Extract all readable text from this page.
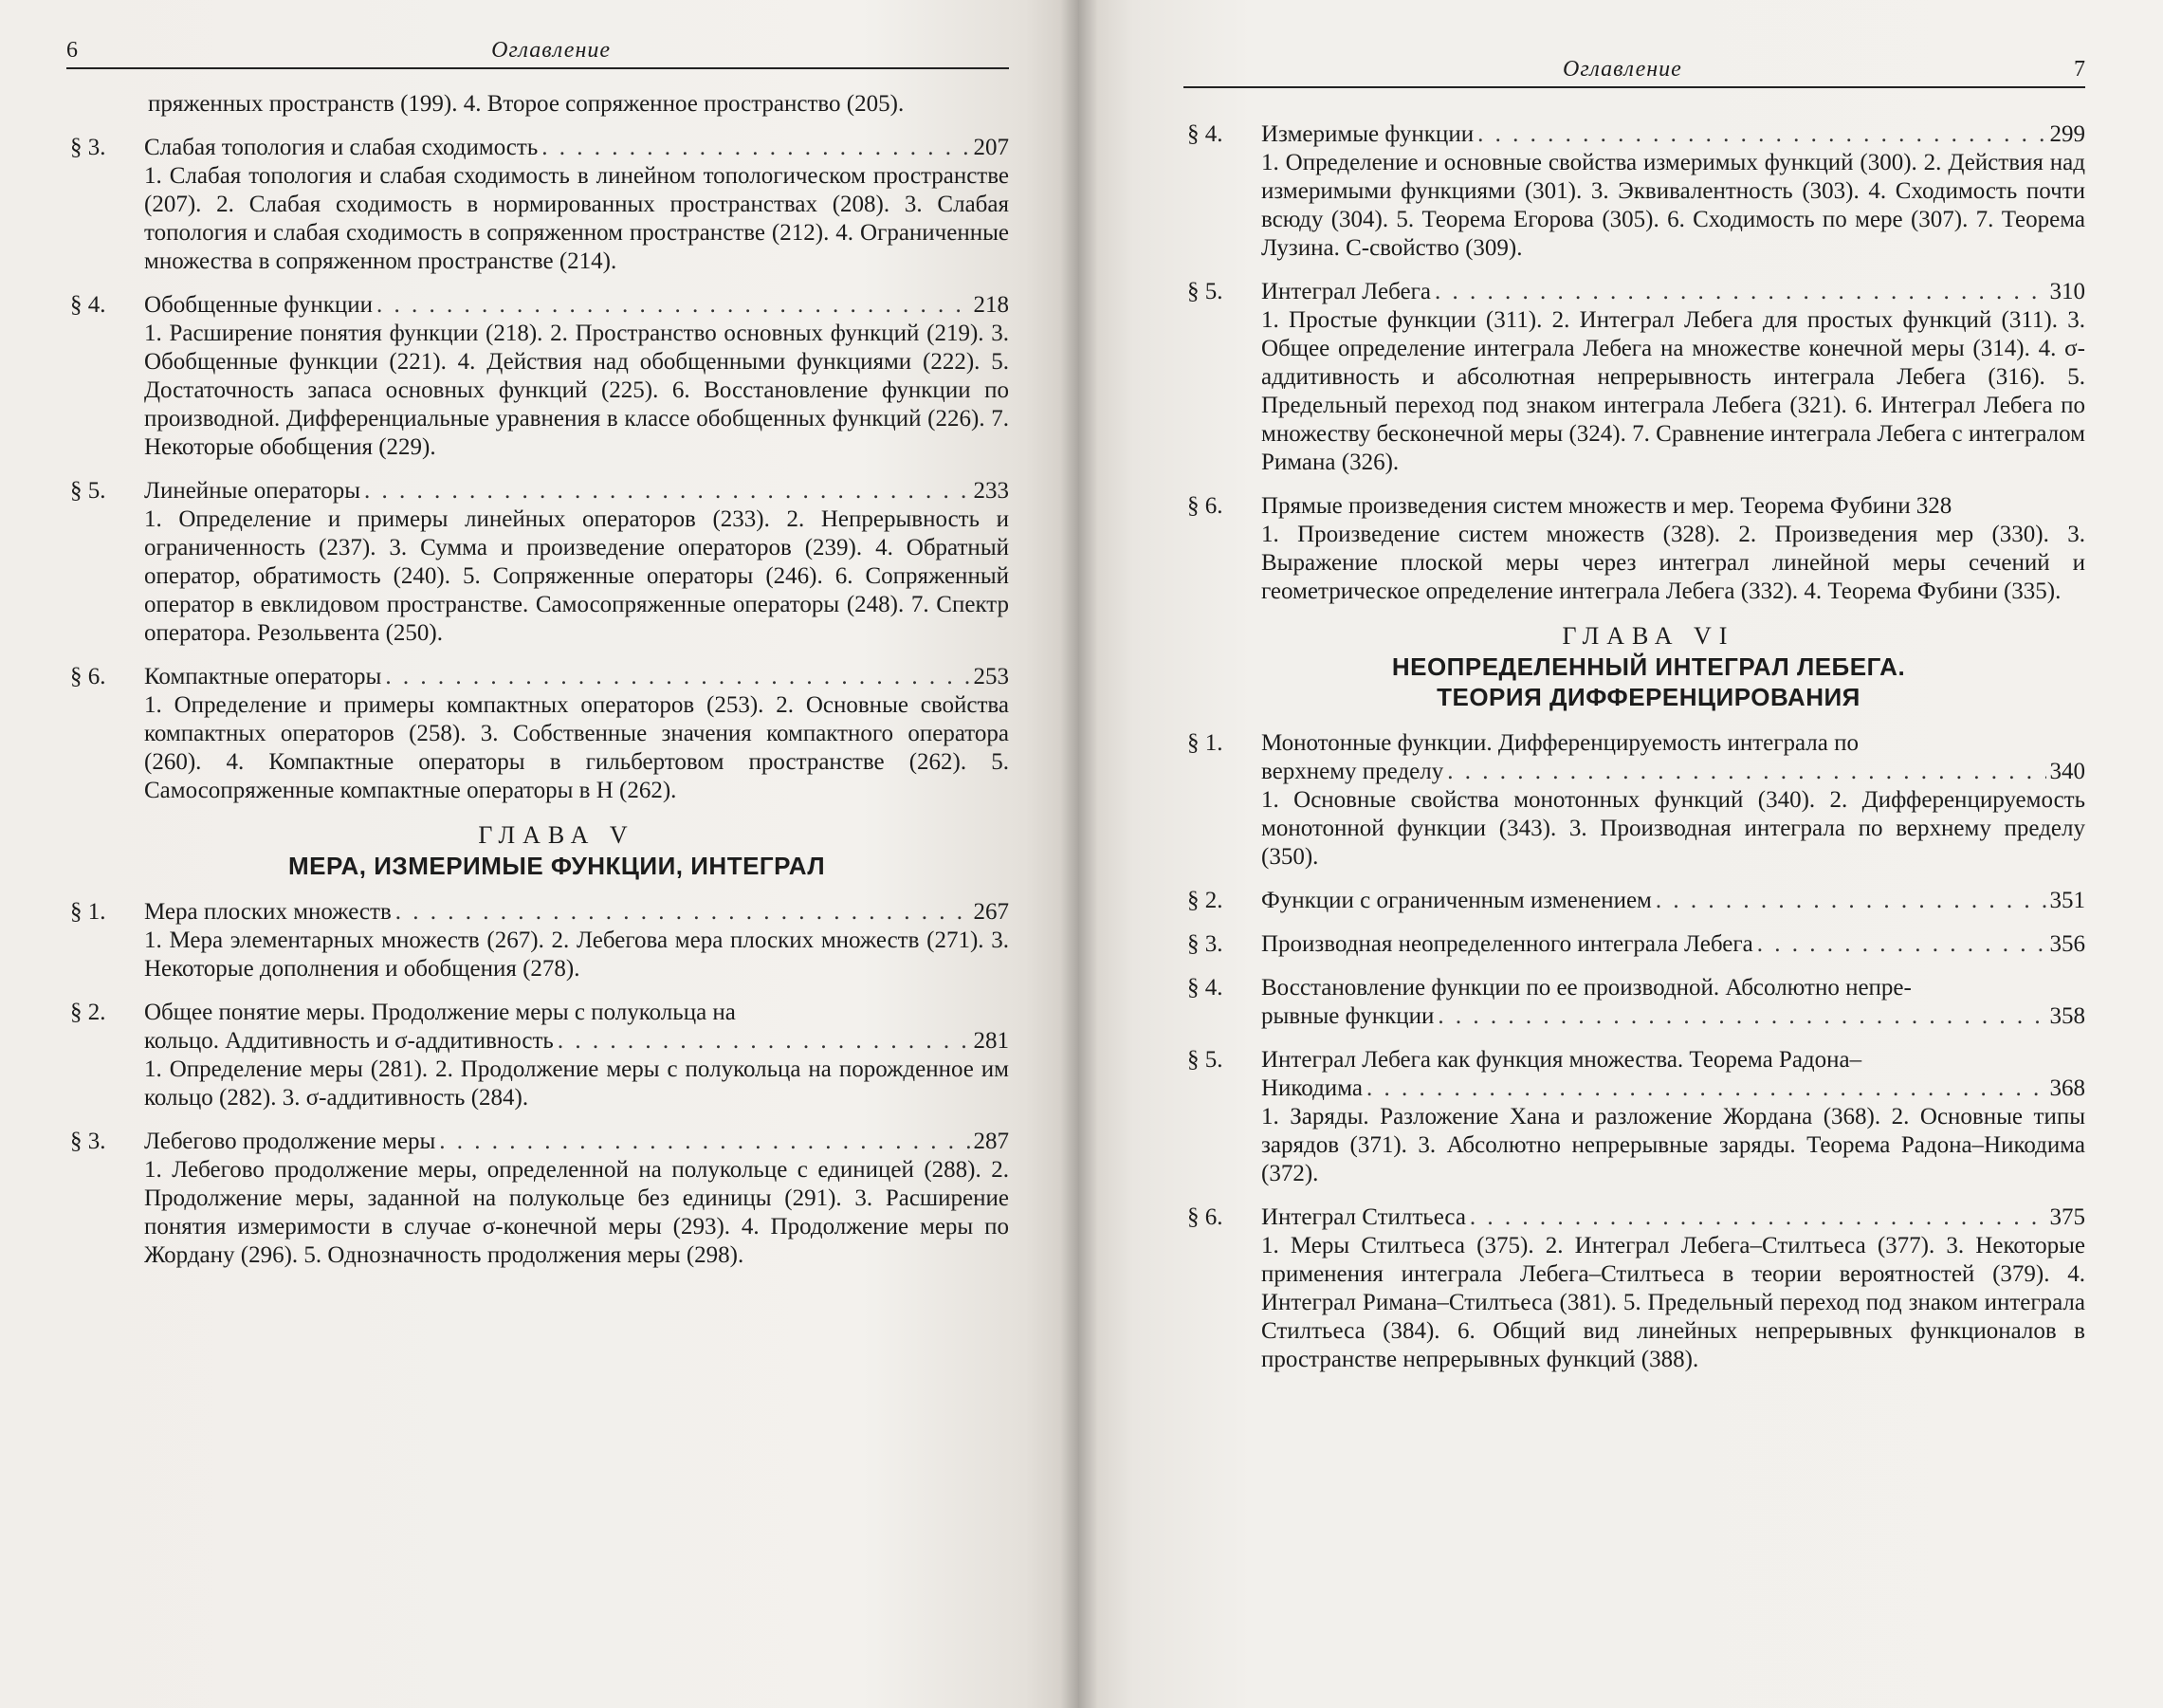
6	Оглавление
пряженных пространств (199). 4. Второе сопряженное пространство (205).
§ 3.	Слабая топология и слабая сходимость . . .	207
1. Слабая топология и слабая сходимость в линейном топологическом пространстве (207). 2. Слабая сходимость в нормированных пространствах (208). 3. Слабая топология и слабая сходимость в сопряженном пространстве (212). 4. Ограниченные множества в сопряженном пространстве (214).
§ 4.	Обобщенные функции . . .	218
1. Расширение понятия функции (218). 2. Пространство основных функций (219). 3. Обобщенные функции (221). 4. Действия над обобщенными функциями (222). 5. Достаточность запаса основных функций (225). 6. Восстановление функции по производной. Дифференциальные уравнения в классе обобщенных функций (226). 7. Некоторые обобщения (229).
§ 5.	Линейные операторы . . .	233
1. Определение и примеры линейных операторов (233). 2. Непрерывность и ограниченность (237). 3. Сумма и произведение операторов (239). 4. Обратный оператор, обратимость (240). 5. Сопряженные операторы (246). 6. Сопряженный оператор в евклидовом пространстве. Самосопряженные операторы (248). 7. Спектр оператора. Резольвента (250).
§ 6.	Компактные операторы . . .	253
1. Определение и примеры компактных операторов (253). 2. Основные свойства компактных операторов (258). 3. Собственные значения компактного оператора (260). 4. Компактные операторы в гильбертовом пространстве (262). 5. Самосопряженные компактные операторы в H (262).
ГЛАВА V
МЕРА, ИЗМЕРИМЫЕ ФУНКЦИИ, ИНТЕГРАЛ
§ 1.	Мера плоских множеств . . .	267
1. Мера элементарных множеств (267). 2. Лебегова мера плоских множеств (271). 3. Некоторые дополнения и обобщения (278).
§ 2.	Общее понятие меры. Продолжение меры с полукольца на
кольцо. Аддитивность и σ-аддитивность . . .	281
1. Определение меры (281). 2. Продолжение меры с полукольца на порожденное им кольцо (282). 3. σ-аддитивность (284).
§ 3.	Лебегово продолжение меры . . .	287
1. Лебегово продолжение меры, определенной на полукольце с единицей (288). 2. Продолжение меры, заданной на полукольце без единицы (291). 3. Расширение понятия измеримости в случае σ-конечной меры (293). 4. Продолжение меры по Жордану (296). 5. Однозначность продолжения меры (298).
Оглавление	7
§ 4.	Измеримые функции . . .	299
1. Определение и основные свойства измеримых функций (300). 2. Действия над измеримыми функциями (301). 3. Эквивалентность (303). 4. Сходимость почти всюду (304). 5. Теорема Егорова (305). 6. Сходимость по мере (307). 7. Теорема Лузина. C-свойство (309).
§ 5.	Интеграл Лебега . . .	310
1. Простые функции (311). 2. Интеграл Лебега для простых функций (311). 3. Общее определение интеграла Лебега на множестве конечной меры (314). 4. σ-аддитивность и абсолютная непрерывность интеграла Лебега (316). 5. Предельный переход под знаком интеграла Лебега (321). 6. Интеграл Лебега по множеству бесконечной меры (324). 7. Сравнение интеграла Лебега с интегралом Римана (326).
§ 6.	Прямые произведения систем множеств и мер. Теорема Фубини 328
1. Произведение систем множеств (328). 2. Произведения мер (330). 3. Выражение плоской меры через интеграл линейной меры сечений и геометрическое определение интеграла Лебега (332). 4. Теорема Фубини (335).
ГЛАВА VI
НЕОПРЕДЕЛЕННЫЙ ИНТЕГРАЛ ЛЕБЕГА.
ТЕОРИЯ ДИФФЕРЕНЦИРОВАНИЯ
§ 1.	Монотонные функции. Дифференцируемость интеграла по
верхнему пределу . . .	340
1. Основные свойства монотонных функций (340). 2. Дифференцируемость монотонной функции (343). 3. Производная интеграла по верхнему пределу (350).
§ 2.	Функции с ограниченным изменением . . .	351
§ 3.	Производная неопределенного интеграла Лебега . . .	356
§ 4.	Восстановление функции по ее производной. Абсолютно непре-
рывные функции . . .	358
§ 5.	Интеграл Лебега как функция множества. Теорема Радона–
Никодима . . .	368
1. Заряды. Разложение Хана и разложение Жордана (368). 2. Основные типы зарядов (371). 3. Абсолютно непрерывные заряды. Теорема Радона–Никодима (372).
§ 6.	Интеграл Стилтьеса . . .	375
1. Меры Стилтьеса (375). 2. Интеграл Лебега–Стилтьеса (377). 3. Некоторые применения интеграла Лебега–Стилтьеса в теории вероятностей (379). 4. Интеграл Римана–Стилтьеса (381). 5. Предельный переход под знаком интеграла Стилтьеса (384). 6. Общий вид линейных непрерывных функционалов в пространстве непрерывных функций (388).
